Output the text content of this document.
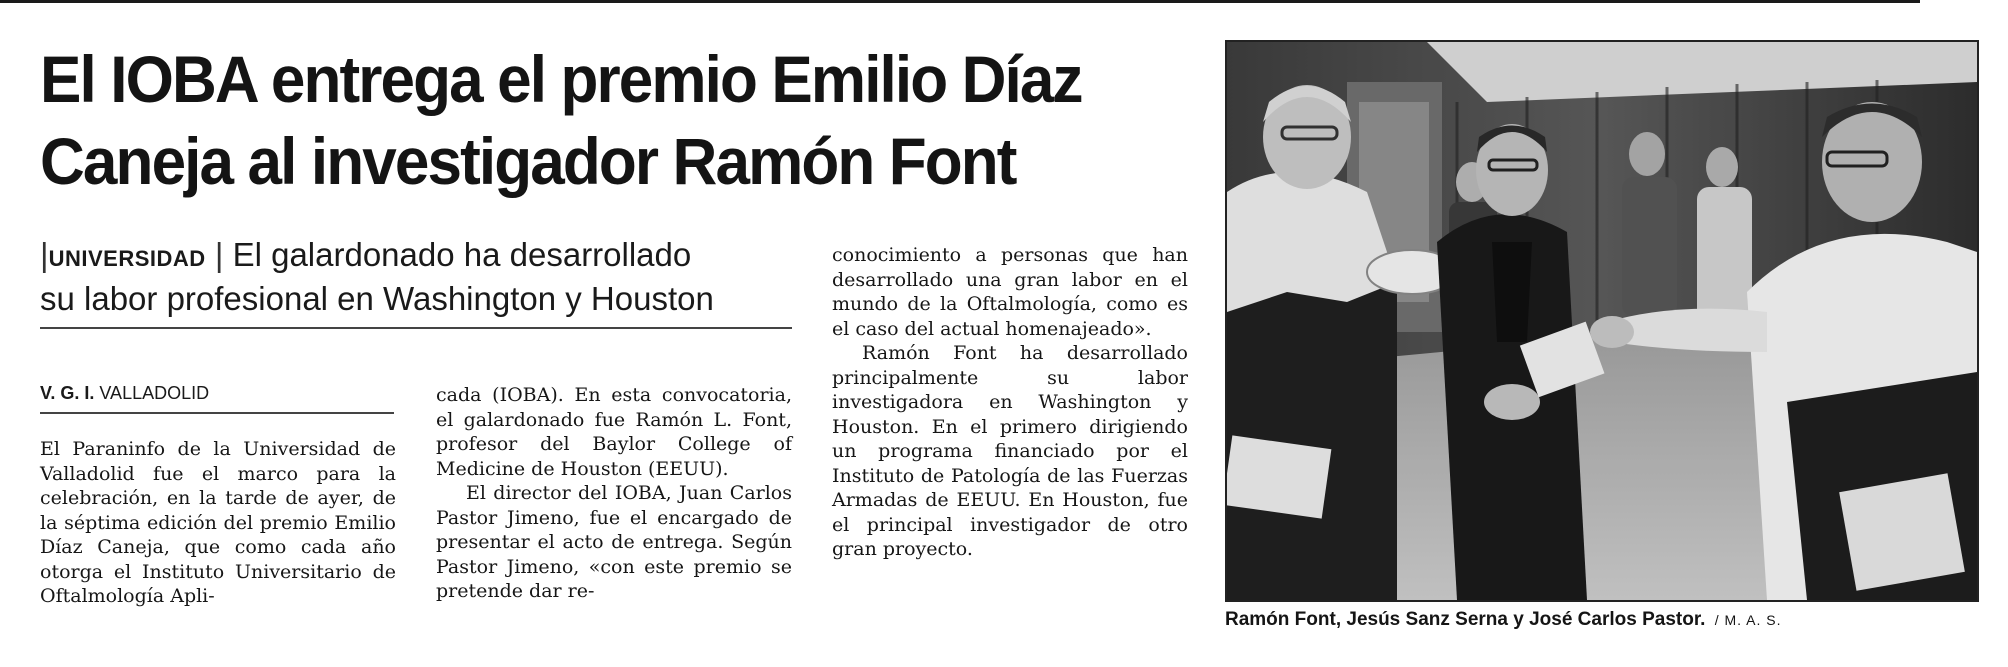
El IOBA entrega el premio Emilio Díaz
Caneja al investigador Ramón Font
|UNIVERSIDAD | El galardonado ha desarrollado
su labor profesional en Washington y Houston
V. G. I. VALLADOLID

El Paraninfo de la Universidad de Valladolid fue el marco para la celebración, en la tarde de ayer, de la séptima edición del premio Emilio Díaz Caneja, que como cada año otorga el Instituto Universitario de Oftalmología Apli-

cada (IOBA). En esta convocatoria, el galardonado fue Ramón L. Font, profesor del Baylor College of Medicine de Houston (EEUU).

El director del IOBA, Juan Carlos Pastor Jimeno, fue el encargado de presentar el acto de entrega. Según Pastor Jimeno, «con este premio se pretende dar re-

conocimiento a personas que han desarrollado una gran labor en el mundo de la Oftalmología, como es el caso del actual homenajeado».

Ramón Font ha desarrollado principalmente su labor investigadora en Washington y Houston. En el primero dirigiendo un programa financiado por el Instituto de Patología de las Fuerzas Armadas de EEUU. En Houston, fue el principal investigador de otro gran proyecto.

Ramón Font, Jesús Sanz Serna y José Carlos Pastor. / M. A. S.
